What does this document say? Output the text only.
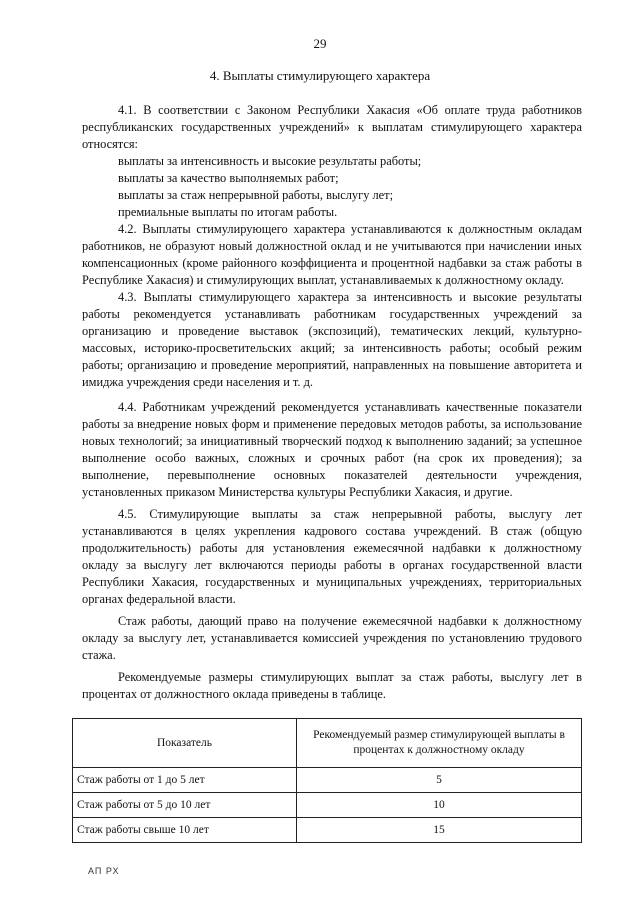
29
4. Выплаты стимулирующего характера

4.1. В соответствии с Законом Республики Хакасия «Об оплате труда работников республиканских государственных учреждений» к выплатам стимулирующего характера относятся:

выплаты за интенсивность и высокие результаты работы;

выплаты за качество выполняемых работ;

выплаты за стаж непрерывной работы, выслугу лет;

премиальные выплаты по итогам работы.

4.2. Выплаты стимулирующего характера устанавливаются к должностным окладам работников, не образуют новый должностной оклад и не учитываются при начислении иных компенсационных (кроме районного коэффициента и процентной надбавки за стаж работы в Республике Хакасия) и стимулирующих выплат, устанавливаемых к должностному окладу.

4.3. Выплаты стимулирующего характера за интенсивность и высокие результаты работы рекомендуется устанавливать работникам государственных учреждений за организацию и проведение выставок (экспозиций), тематических лекций, культурно-массовых, историко-просветительских акций; за интенсивность работы; особый режим работы; организацию и проведение мероприятий, направленных на повышение авторитета и имиджа учреждения среди населения и т. д.

4.4. Работникам учреждений рекомендуется устанавливать качественные показатели работы за внедрение новых форм и применение передовых методов работы, за использование новых технологий; за инициативный творческий подход к выполнению заданий; за успешное выполнение особо важных, сложных и срочных работ (на срок их проведения); за выполнение, перевыполнение основных показателей деятельности учреждения, установленных приказом Министерства культуры Республики Хакасия, и другие.

4.5. Стимулирующие выплаты за стаж непрерывной работы, выслугу лет устанавливаются в целях укрепления кадрового состава учреждений. В стаж (общую продолжительность) работы для установления ежемесячной надбавки к должностному окладу за выслугу лет включаются периоды работы в органах государственной власти Республики Хакасия, государственных и муниципальных учреждениях, территориальных органах федеральной власти.

Стаж работы, дающий право на получение ежемесячной надбавки к должностному окладу за выслугу лет, устанавливается комиссией учреждения по установлению трудового стажа.

Рекомендуемые размеры стимулирующих выплат за стаж работы, выслугу лет в процентах от должностного оклада приведены в таблице.

Показатель	Рекомендуемый размер стимулирующей выплаты в процентах к должностному окладу
Стаж работы от 1 до 5 лет	5
Стаж работы от 5 до 10 лет	10
Стаж работы свыше 10 лет	15
АП РХ
